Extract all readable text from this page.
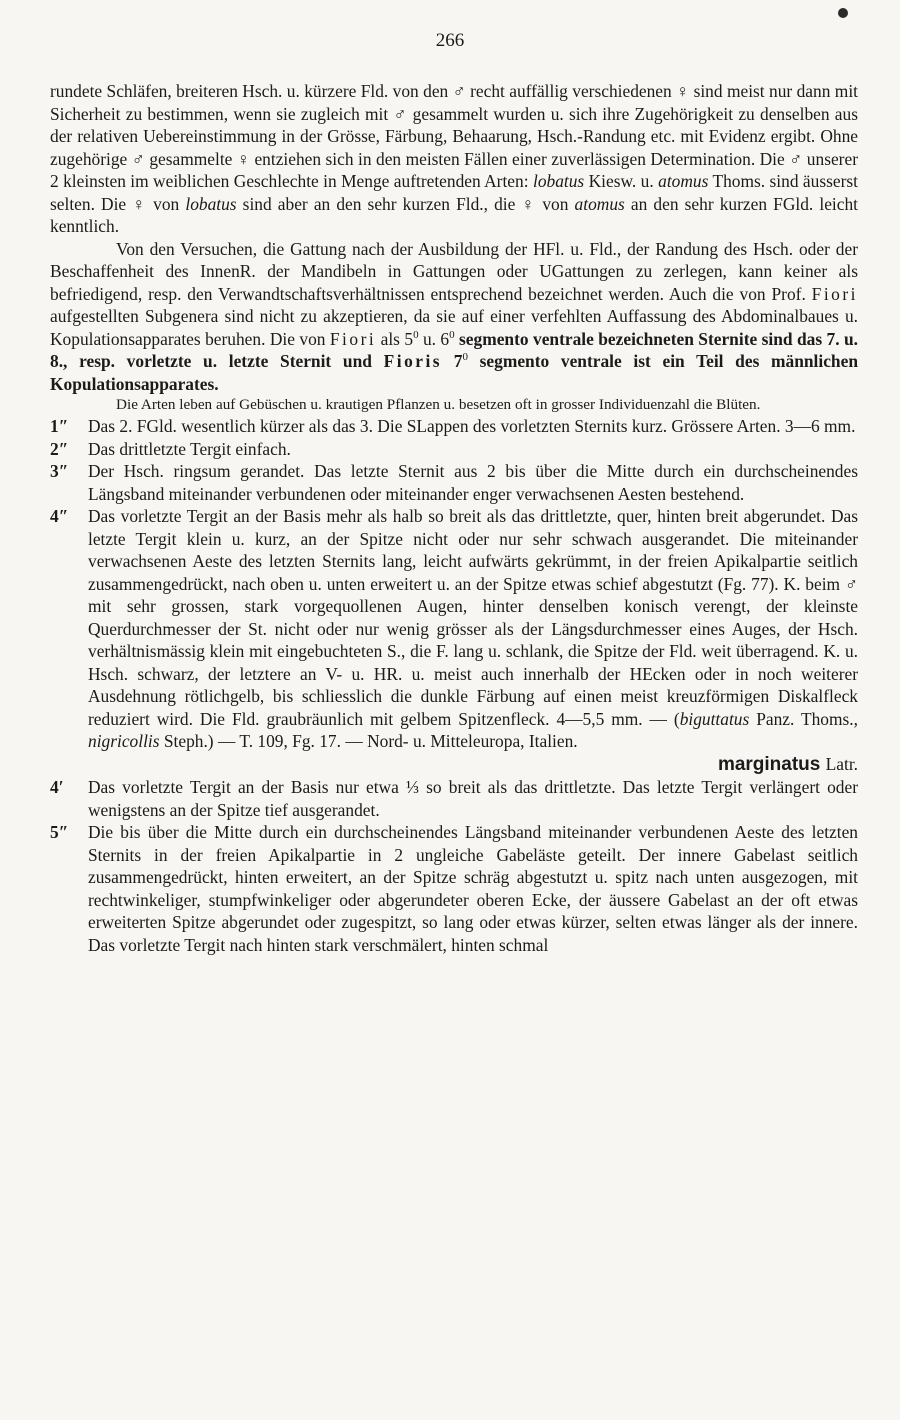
266

rundete Schläfen, breiteren Hsch. u. kürzere Fld. von den ♂ recht auffällig verschiedenen ♀ sind meist nur dann mit Sicherheit zu bestimmen, wenn sie zugleich mit ♂ gesammelt wurden u. sich ihre Zugehörigkeit zu denselben aus der relativen Uebereinstimmung in der Grösse, Färbung, Behaarung, Hsch.-Randung etc. mit Evidenz ergibt. Ohne zugehörige ♂ gesammelte ♀ entziehen sich in den meisten Fällen einer zuverlässigen Determination. Die ♂ unserer 2 kleinsten im weiblichen Geschlechte in Menge auftretenden Arten: lobatus Kiesw. u. atomus Thoms. sind äusserst selten. Die ♀ von lobatus sind aber an den sehr kurzen Fld., die ♀ von atomus an den sehr kurzen FGld. leicht kenntlich.

Von den Versuchen, die Gattung nach der Ausbildung der HFl. u. Fld., der Randung des Hsch. oder der Beschaffenheit des InnenR. der Mandibeln in Gattungen oder UGattungen zu zerlegen, kann keiner als befriedigend, resp. den Verwandtschaftsverhältnissen entsprechend bezeichnet werden. Auch die von Prof. Fiori aufgestellten Subgenera sind nicht zu akzeptieren, da sie auf einer verfehlten Auffassung des Abdominalbaues u. Kopulationsapparates beruhen. Die von Fiori als $5^0$ u. $6^0$ segmento ventrale bezeichneten Sternite sind das 7. u. 8., resp. vorletzte u. letzte Sternit und Fioris $7^0$ segmento ventrale ist ein Teil des männlichen Kopulationsapparates.

Die Arten leben auf Gebüschen u. krautigen Pflanzen u. besetzen oft in grosser Individuenzahl die Blüten.

1″ Das 2. FGld. wesentlich kürzer als das 3. Die SLappen des vorletzten Sternits kurz. Grössere Arten. 3—6 mm.

2″ Das drittletzte Tergit einfach.

3″ Der Hsch. ringsum gerandet. Das letzte Sternit aus 2 bis über die Mitte durch ein durchscheinendes Längsband miteinander verbundenen oder miteinander enger verwachsenen Aesten bestehend.

4″ Das vorletzte Tergit an der Basis mehr als halb so breit als das drittletzte, quer, hinten breit abgerundet. Das letzte Tergit klein u. kurz, an der Spitze nicht oder nur sehr schwach ausgerandet. Die miteinander verwachsenen Aeste des letzten Sternits lang, leicht aufwärts gekrümmt, in der freien Apikalpartie seitlich zusammengedrückt, nach oben u. unten erweitert u. an der Spitze etwas schief abgestutzt (Fg. 77). K. beim ♂ mit sehr grossen, stark vorgequollenen Augen, hinter denselben konisch verengt, der kleinste Querdurchmesser der St. nicht oder nur wenig grösser als der Längsdurchmesser eines Auges, der Hsch. verhältnismässig klein mit eingebuchteten S., die F. lang u. schlank, die Spitze der Fld. weit überragend. K. u. Hsch. schwarz, der letztere an V- u. HR. u. meist auch innerhalb der HEcken oder in noch weiterer Ausdehnung rötlichgelb, bis schliesslich die dunkle Färbung auf einen meist kreuzförmigen Diskalfleck reduziert wird. Die Fld. graubräunlich mit gelbem Spitzenfleck. 4—5,5 mm. — (biguttatus Panz. Thoms., nigricollis Steph.) — T. 109, Fg. 17. — Nord- u. Mitteleuropa, Italien.

marginatus Latr.

4′ Das vorletzte Tergit an der Basis nur etwa ⅓ so breit als das drittletzte. Das letzte Tergit verlängert oder wenigstens an der Spitze tief ausgerandet.

5″ Die bis über die Mitte durch ein durchscheinendes Längsband miteinander verbundenen Aeste des letzten Sternits in der freien Apikalpartie in 2 ungleiche Gabeläste geteilt. Der innere Gabelast seitlich zusammengedrückt, hinten erweitert, an der Spitze schräg abgestutzt u. spitz nach unten ausgezogen, mit rechtwinkeliger, stumpfwinkeliger oder abgerundeter oberen Ecke, der äussere Gabelast an der oft etwas erweiterten Spitze abgerundet oder zugespitzt, so lang oder etwas kürzer, selten etwas länger als der innere. Das vorletzte Tergit nach hinten stark verschmälert, hinten schmal
